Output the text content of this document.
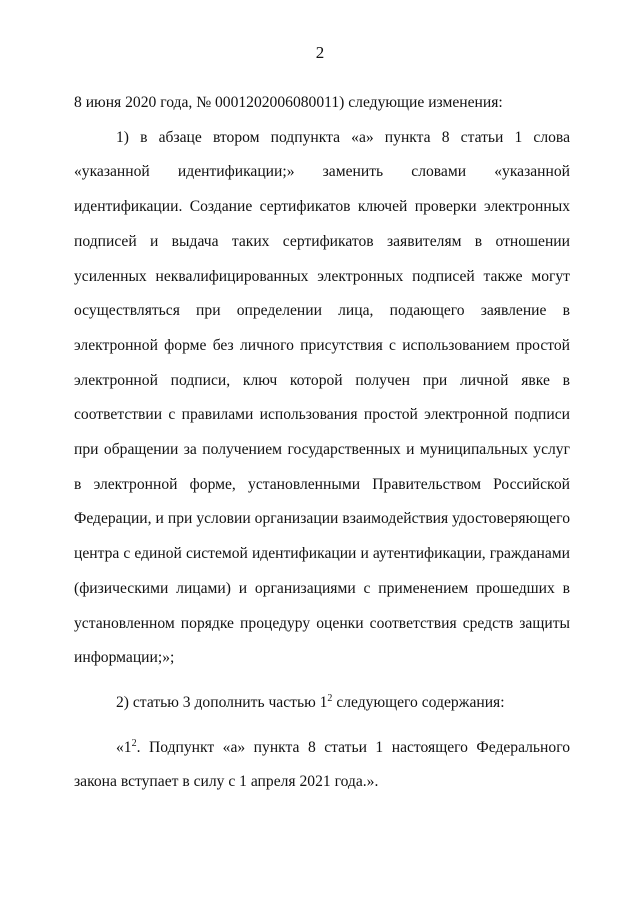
2

8 июня 2020 года, № 0001202006080011) следующие изменения:

1) в абзаце втором подпункта «а» пункта 8 статьи 1 слова «указанной идентификации;» заменить словами «указанной идентификации. Создание сертификатов ключей проверки электронных подписей и выдача таких сертификатов заявителям в отношении усиленных неквалифицированных электронных подписей также могут осуществляться при определении лица, подающего заявление в электронной форме без личного присутствия с использованием простой электронной подписи, ключ которой получен при личной явке в соответствии с правилами использования простой электронной подписи при обращении за получением государственных и муниципальных услуг в электронной форме, установленными Правительством Российской Федерации, и при условии организации взаимодействия удостоверяющего центра с единой системой идентификации и аутентификации, гражданами (физическими лицами) и организациями с применением прошедших в установленном порядке процедуру оценки соответствия средств защиты информации;»;

2) статью 3 дополнить частью $1^2$ следующего содержания:

«$1^2$. Подпункт «а» пункта 8 статьи 1 настоящего Федерального закона вступает в силу с 1 апреля 2021 года.».
